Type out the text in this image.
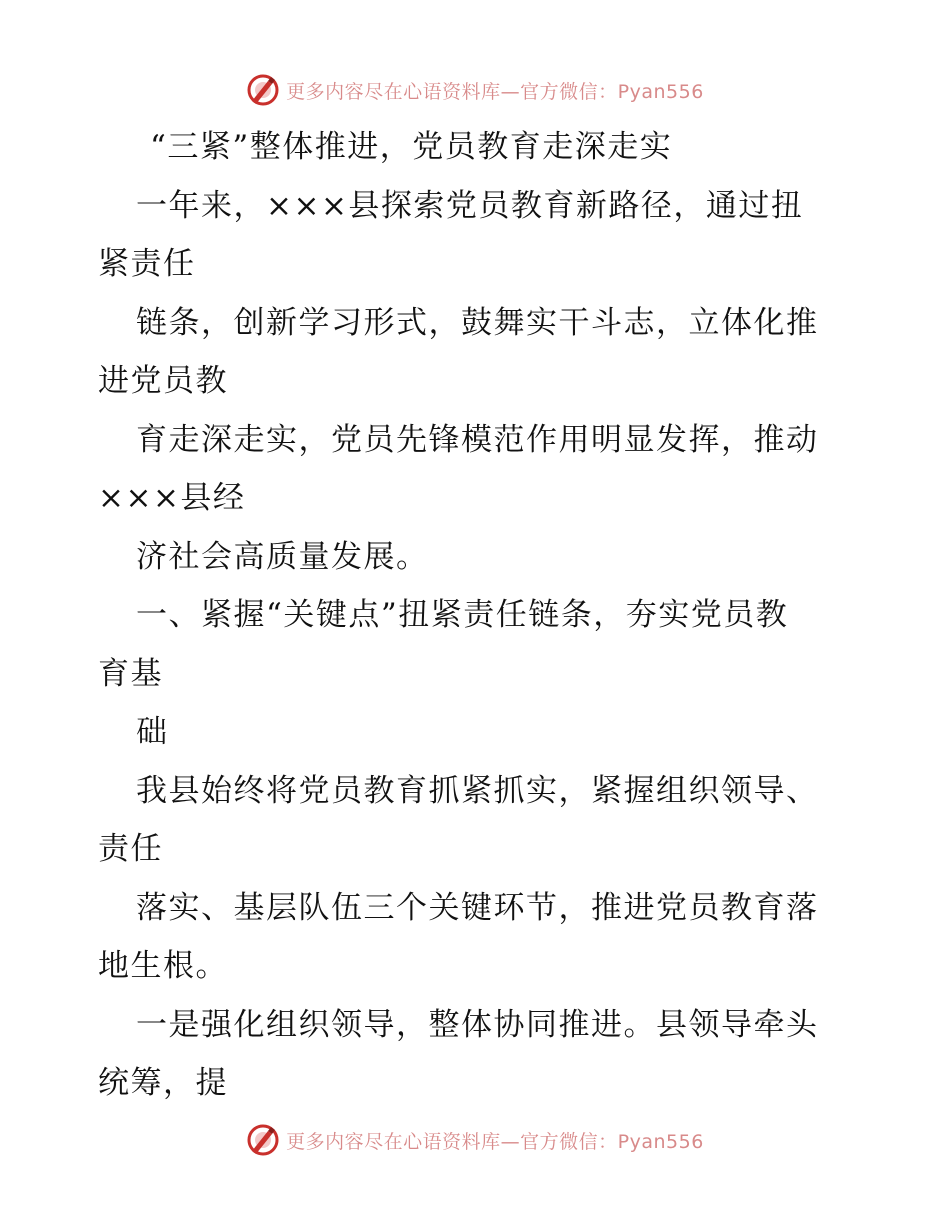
更多内容尽在心语资料库—官方微信：Pyan556
“三紧”整体推进，党员教育走深走实
一年来，×××县探索党员教育新路径，通过扭
紧责任
链条，创新学习形式，鼓舞实干斗志，立体化推
进党员教
育走深走实，党员先锋模范作用明显发挥，推动
×××县经
济社会高质量发展。
一、紧握“关键点”扭紧责任链条，夯实党员教
育基
础
我县始终将党员教育抓紧抓实，紧握组织领导、
责任
落实、基层队伍三个关键环节，推进党员教育落
地生根。
一是强化组织领导，整体协同推进。县领导牵头
统筹，提
更多内容尽在心语资料库—官方微信：Pyan556
